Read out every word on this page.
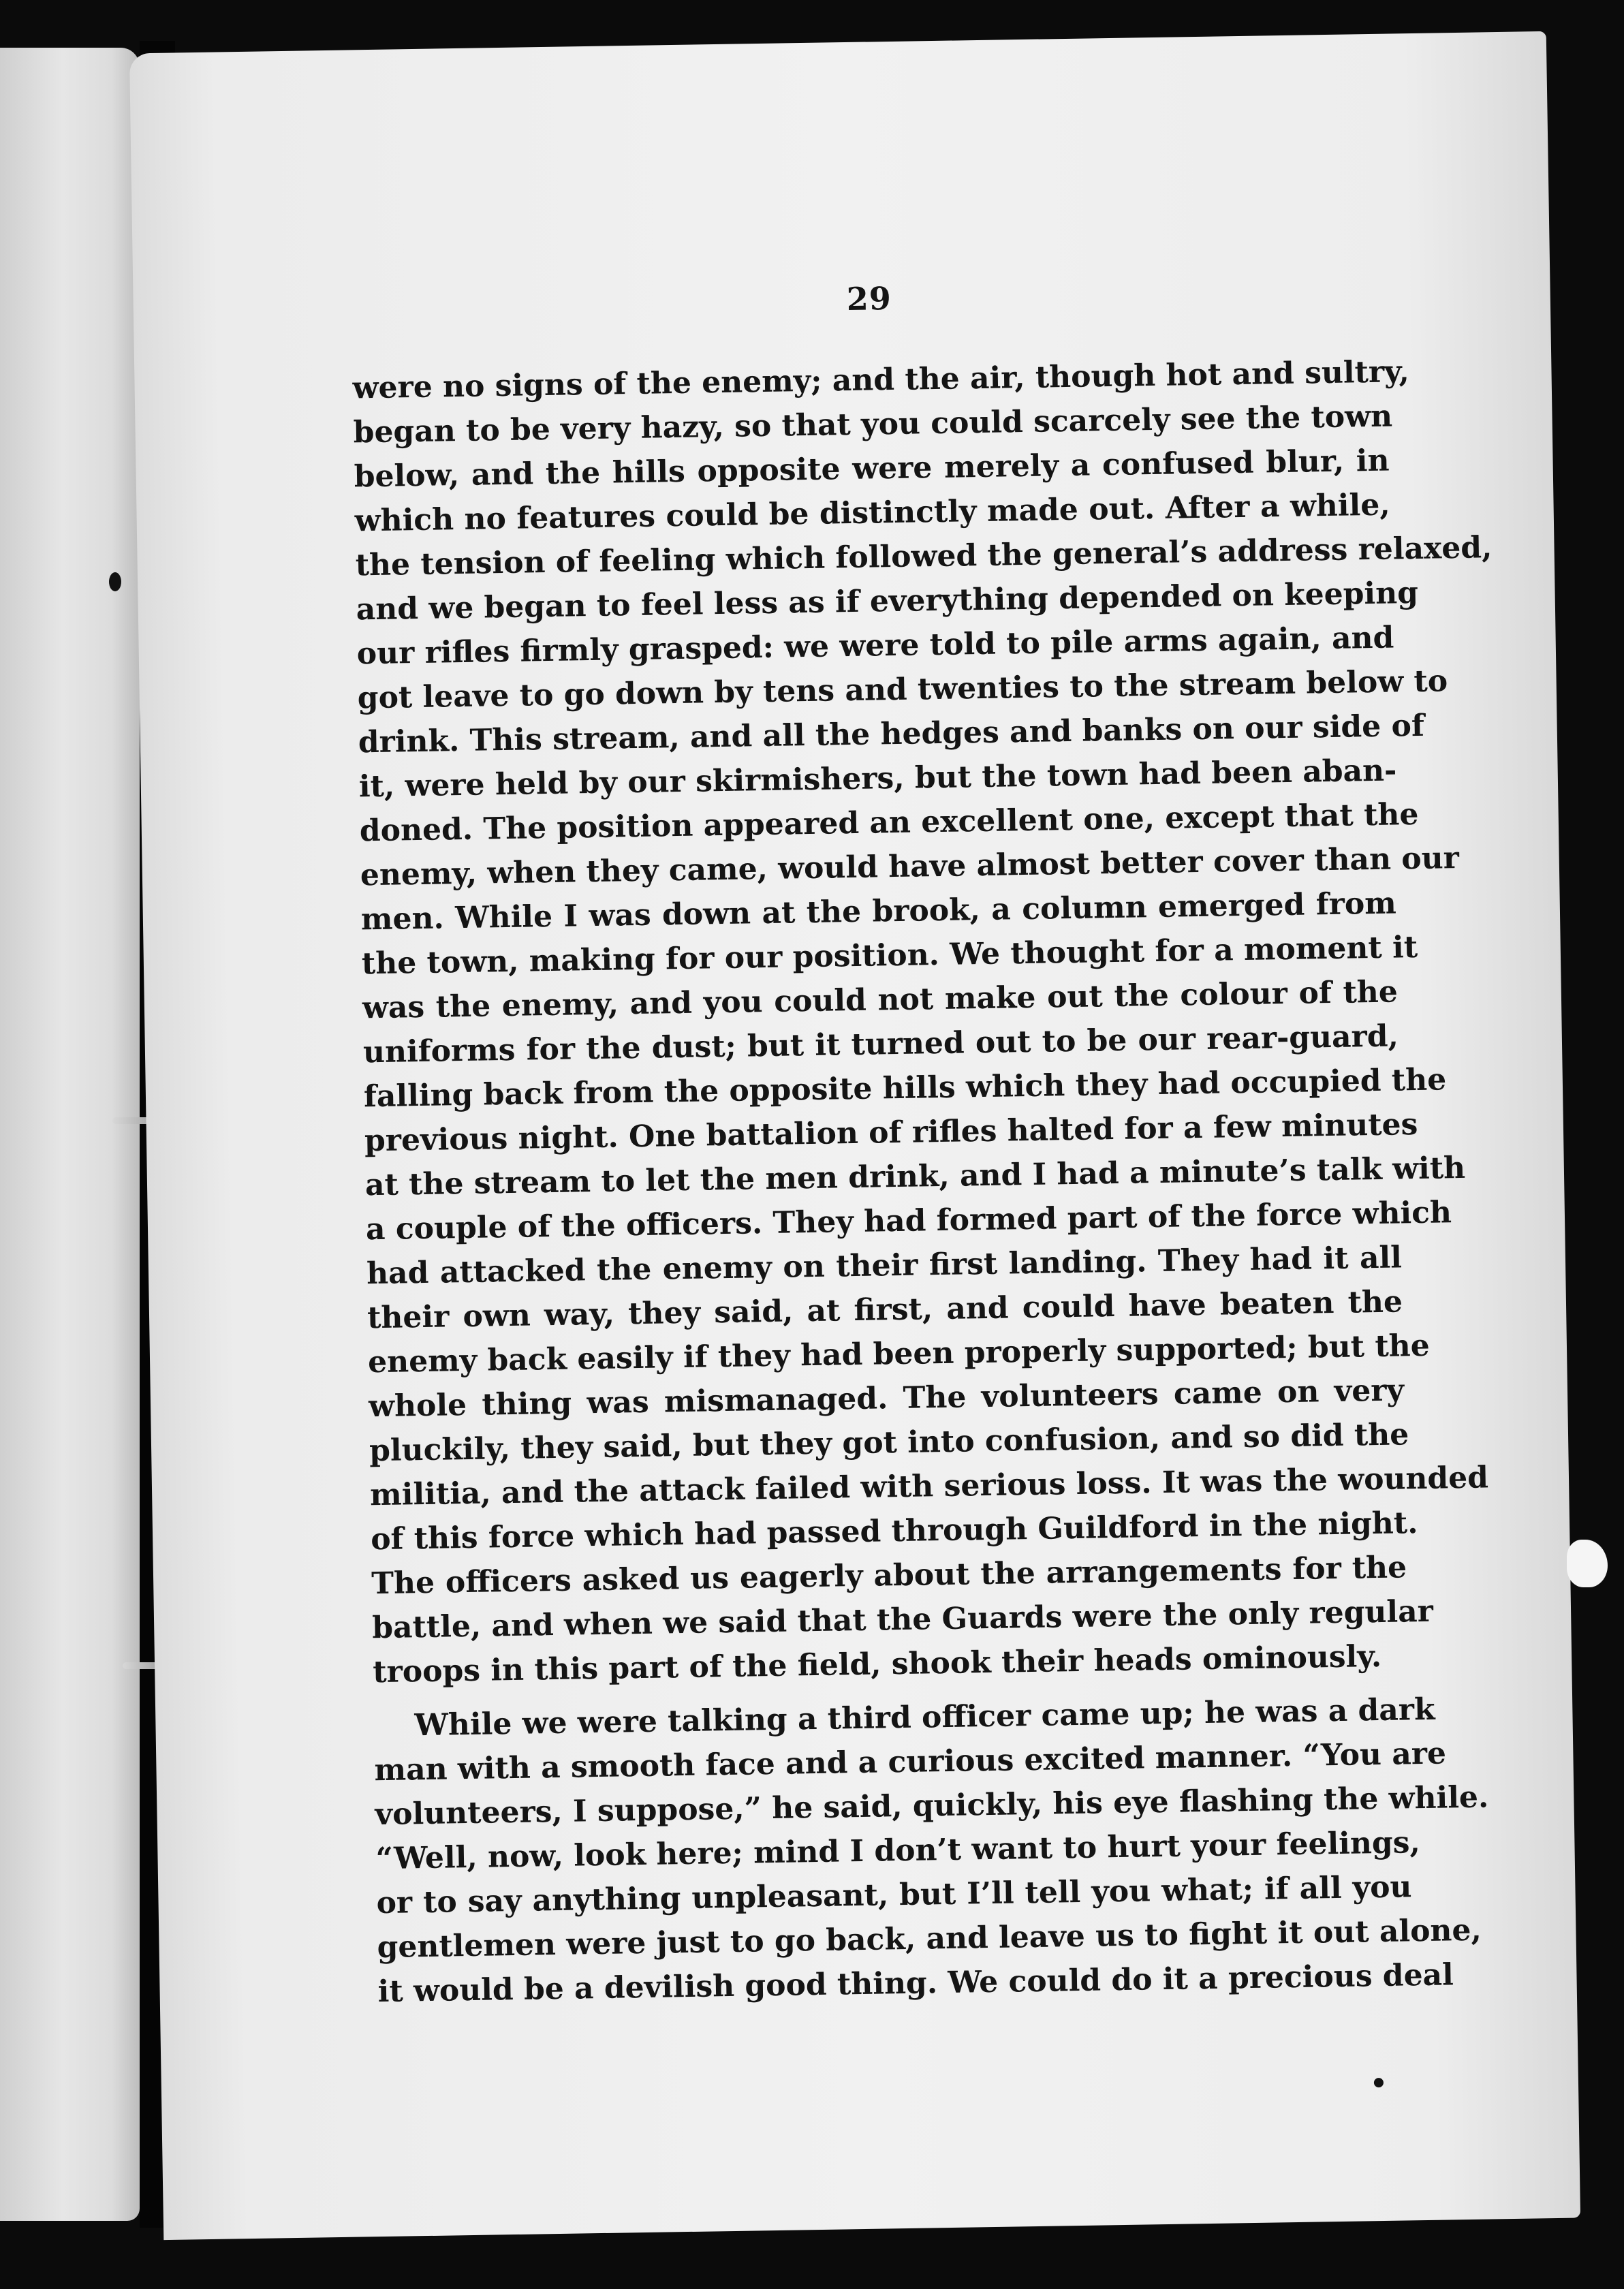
29
were no signs of the enemy; and the air, though hot and sultry,
began to be very hazy, so that you could scarcely see the town
below, and the hills opposite were merely a confused blur, in
which no features could be distinctly made out. After a while,
the tension of feeling which followed the general’s address relaxed,
and we began to feel less as if everything depended on keeping
our rifles firmly grasped: we were told to pile arms again, and
got leave to go down by tens and twenties to the stream below to
drink. This stream, and all the hedges and banks on our side of
it, were held by our skirmishers, but the town had been aban-
doned. The position appeared an excellent one, except that the
enemy, when they came, would have almost better cover than our
men. While I was down at the brook, a column emerged from
the town, making for our position. We thought for a moment it
was the enemy, and you could not make out the colour of the
uniforms for the dust; but it turned out to be our rear-guard,
falling back from the opposite hills which they had occupied the
previous night. One battalion of rifles halted for a few minutes
at the stream to let the men drink, and I had a minute’s talk with
a couple of the officers. They had formed part of the force which
had attacked the enemy on their first landing. They had it all
their own way, they said, at first, and could have beaten the
enemy back easily if they had been properly supported; but the
whole thing was mismanaged. The volunteers came on very
pluckily, they said, but they got into confusion, and so did the
militia, and the attack failed with serious loss. It was the wounded
of this force which had passed through Guildford in the night.
The officers asked us eagerly about the arrangements for the
battle, and when we said that the Guards were the only regular
troops in this part of the field, shook their heads ominously.
While we were talking a third officer came up; he was a dark
man with a smooth face and a curious excited manner. “You are
volunteers, I suppose,” he said, quickly, his eye flashing the while.
“Well, now, look here; mind I don’t want to hurt your feelings,
or to say anything unpleasant, but I’ll tell you what; if all you
gentlemen were just to go back, and leave us to fight it out alone,
it would be a devilish good thing. We could do it a precious deal
